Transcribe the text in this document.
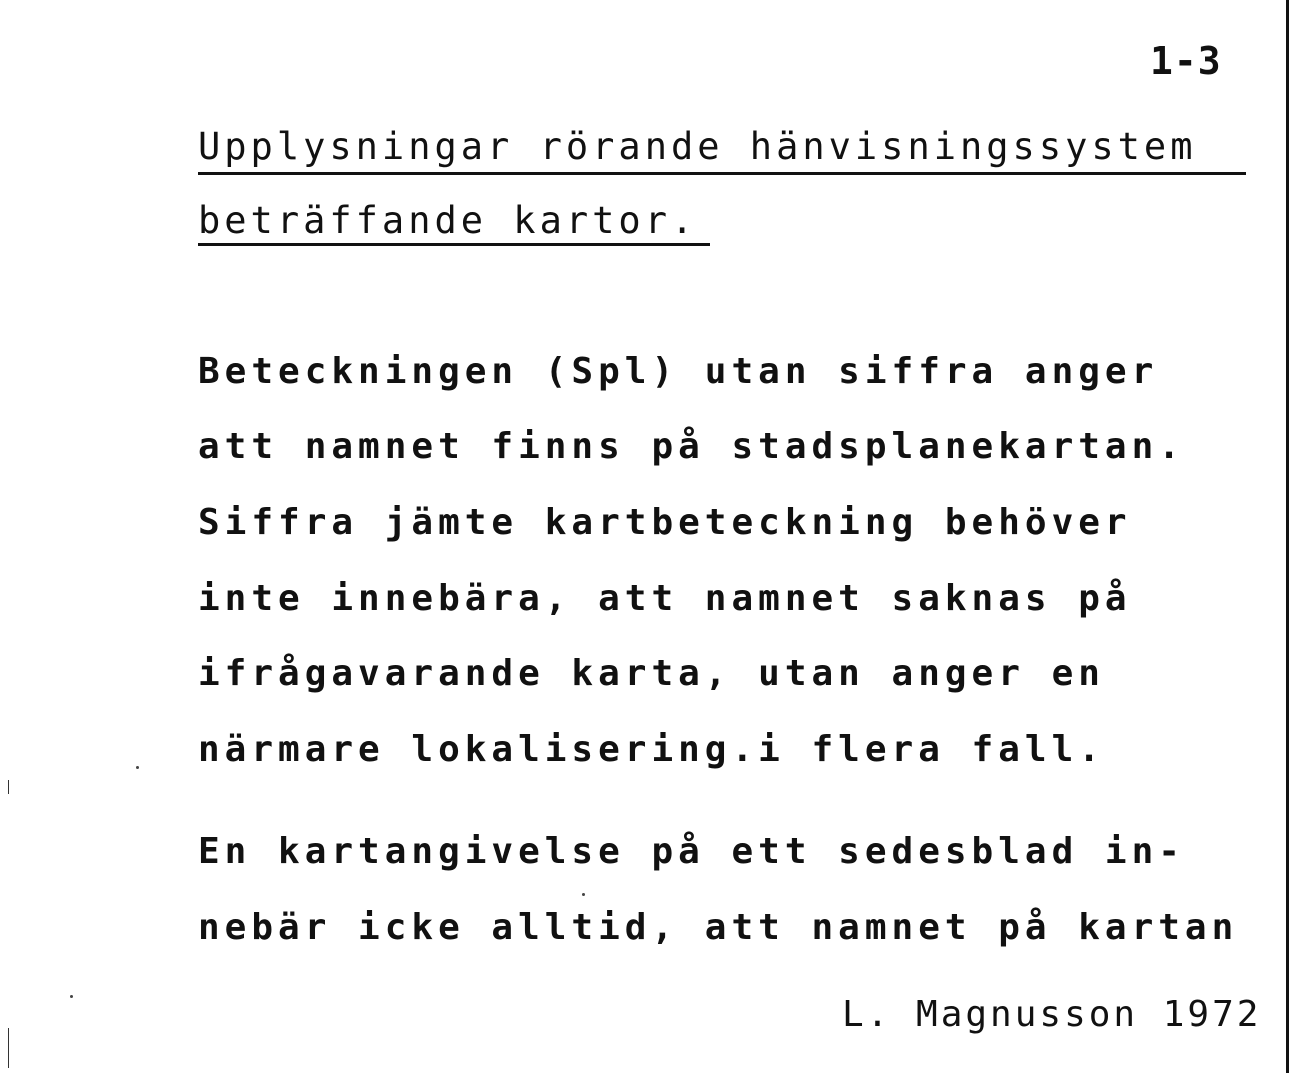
1-3
Upplysningar rörande hänvisningssystem
beträffande kartor.
Beteckningen (Spl) utan siffra anger
att namnet finns på stadsplanekartan.
Siffra jämte kartbeteckning behöver
inte innebära, att namnet saknas på
ifrågavarande karta, utan anger en
närmare lokalisering.i flera fall.
En kartangivelse på ett sedesblad in-
nebär icke alltid, att namnet på kartan
L. Magnusson 1972
